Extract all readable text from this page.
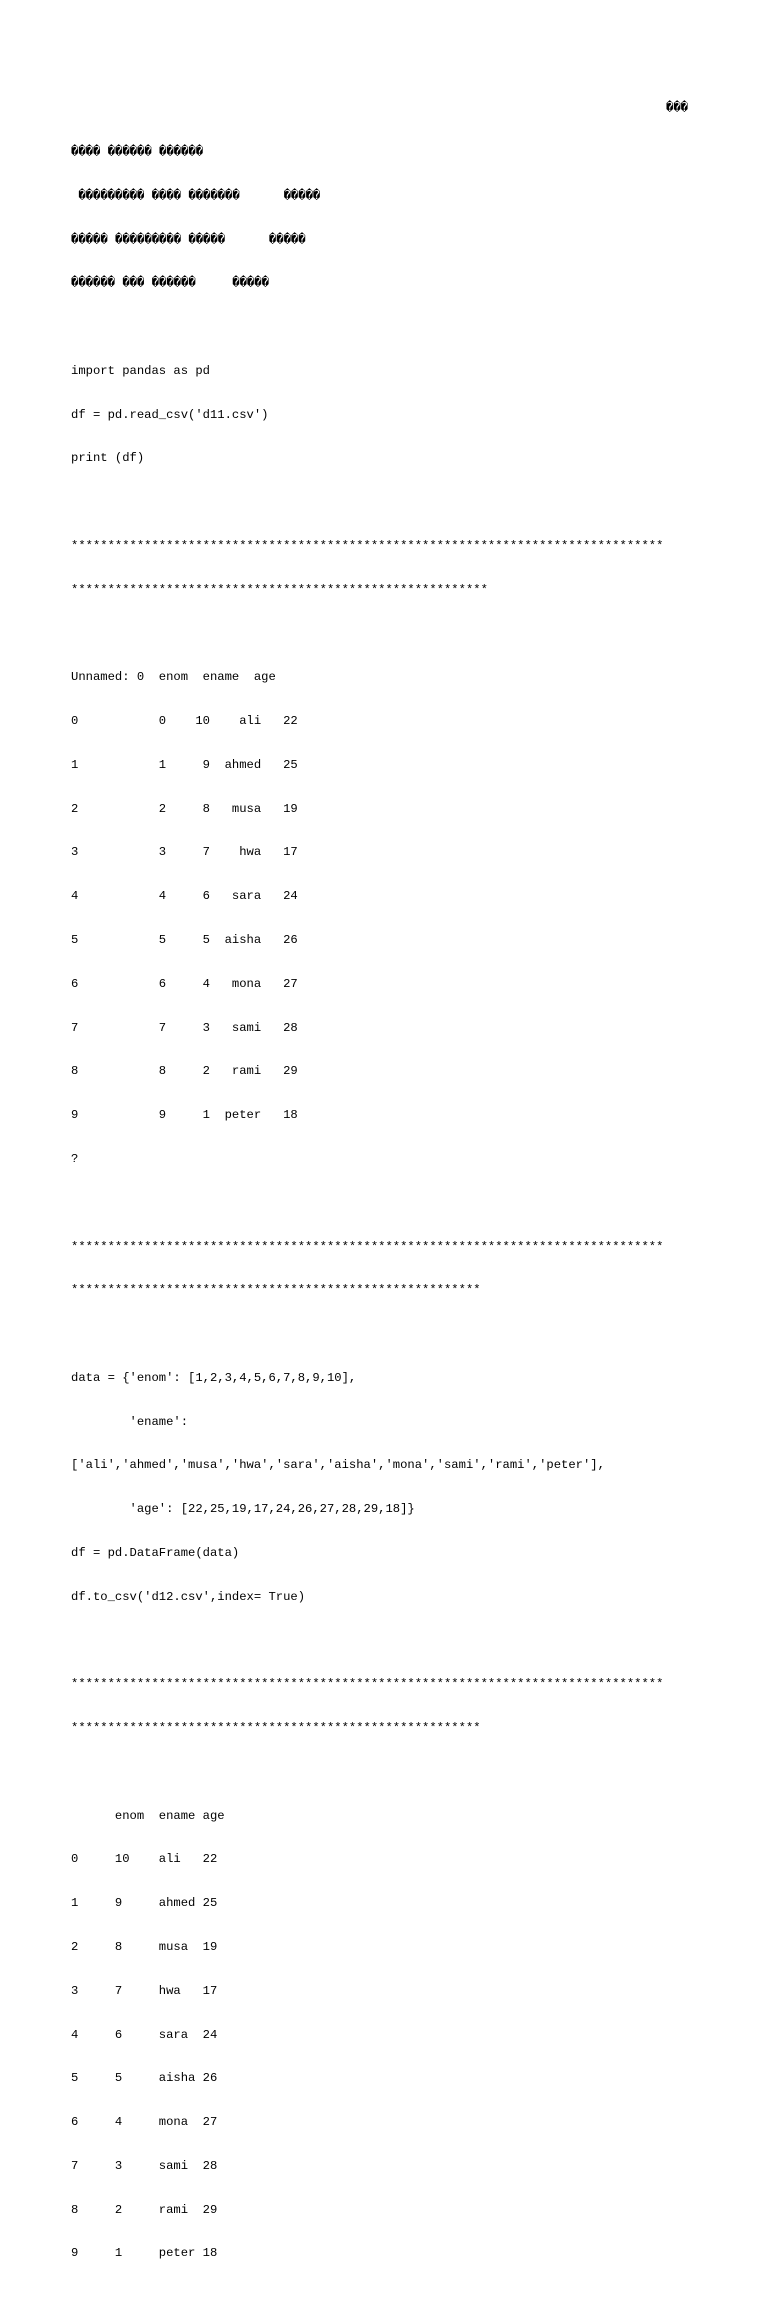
���

���� ������ ������

��������� ���� �������      �����

����� ��������� �����      �����

������ ��� ������     �����

import pandas as pd

df = pd.read_csv('d11.csv')

print (df)

*********************************************************************************

*********************************************************

Unnamed: 0  enom  ename  age

0           0    10    ali   22

1           1     9  ahmed   25

2           2     8   musa   19

3           3     7    hwa   17

4           4     6   sara   24

5           5     5  aisha   26

6           6     4   mona   27

7           7     3   sami   28

8           8     2   rami   29

9           9     1  peter   18

?

*********************************************************************************

********************************************************

data = {'enom': [1,2,3,4,5,6,7,8,9,10],

'ename':

['ali','ahmed','musa','hwa','sara','aisha','mona','sami','rami','peter'],

'age': [22,25,19,17,24,26,27,28,29,18]}

df = pd.DataFrame(data)

df.to_csv('d12.csv',index= True)

*********************************************************************************

********************************************************

enom  ename age

0     10    ali   22

1     9     ahmed 25

2     8     musa  19

3     7     hwa   17

4     6     sara  24

5     5     aisha 26

6     4     mona  27

7     3     sami  28

8     2     rami  29

9     1     peter 18
